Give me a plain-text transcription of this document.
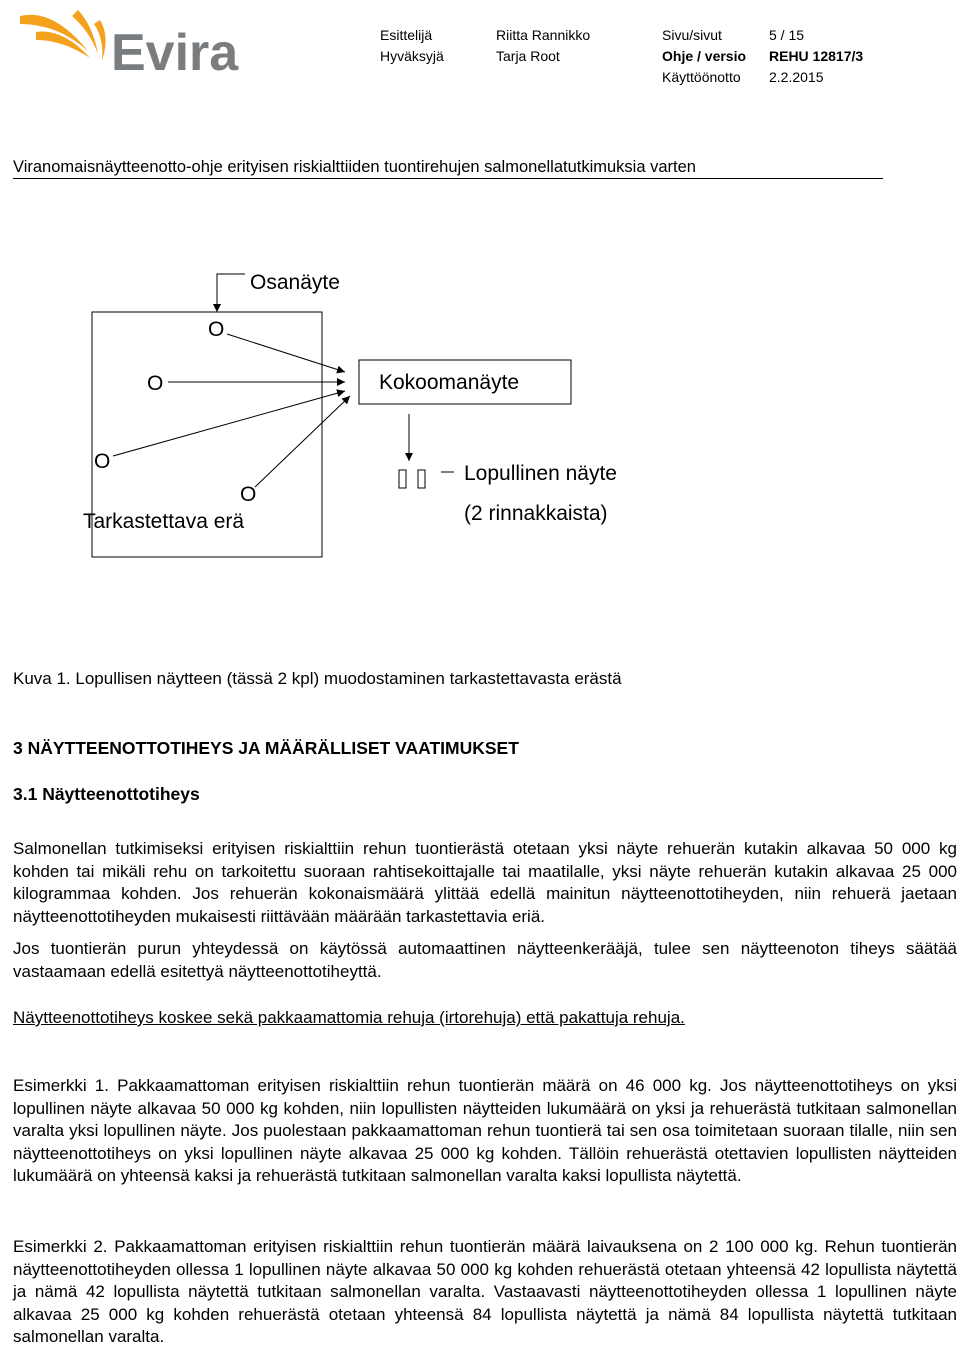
Evira	Esittelijä	Riitta Rannikko	Sivu/sivut	5 / 15
Hyväksyjä	Tarja Root	Ohje / versio REHU 12817/3
Käyttöönotto 2.2.2015
Viranomaisnäytteenotto-ohje erityisen riskialttiiden tuontirehujen salmonellatutkimuksia varten
Osanäyte
O
O	Kokoomanäyte
O
O
Lopullinen näyte
(2 rinnakkaista)
Tarkastettava erä
Kuva 1. Lopullisen näytteen (tässä 2 kpl) muodostaminen tarkastettavasta erästä
3 NÄYTTEENOTTOTIHEYS JA MÄÄRÄLLISET VAATIMUKSET
3.1 Näytteenottotiheys
Salmonellan tutkimiseksi erityisen riskialttiin rehun tuontierästä otetaan yksi näyte rehuerän kutakin alkavaa 50 000 kg kohden tai mikäli rehu on tarkoitettu suoraan rahtisekoittajalle tai maatilalle, yksi näyte rehuerän kutakin alkavaa 25 000 kilogrammaa kohden. Jos rehuerän kokonaismäärä ylittää edellä mainitun näytteenottotiheyden, niin rehuerä jaetaan näytteenottotiheyden mukaisesti riittävään määrään tarkastettavia eriä.
Jos tuontierän purun yhteydessä on käytössä automaattinen näytteenkerääjä, tulee sen näytteenoton tiheys säätää vastaamaan edellä esitettyä näytteenottotiheyttä.
Näytteenottotiheys koskee sekä pakkaamattomia rehuja (irtorehuja) että pakattuja rehuja.
Esimerkki 1. Pakkaamattoman erityisen riskialttiin rehun tuontierän määrä on 46 000 kg. Jos näytteenottotiheys on yksi lopullinen näyte alkavaa 50 000 kg kohden, niin lopullisten näytteiden lukumäärä on yksi ja rehuerästä tutkitaan salmonellan varalta yksi lopullinen näyte. Jos puolestaan pakkaamattoman rehun tuontierä tai sen osa toimitetaan suoraan tilalle, niin sen näytteenottotiheys on yksi lopullinen näyte alkavaa 25 000 kg kohden. Tällöin rehuerästä otettavien lopullisten näytteiden lukumäärä on yhteensä kaksi ja rehuerästä tutkitaan salmonellan varalta kaksi lopullista näytettä.
Esimerkki 2. Pakkaamattoman erityisen riskialttiin rehun tuontierän määrä laivauksena on 2 100 000 kg. Rehun tuontierän näytteenottotiheyden ollessa 1 lopullinen näyte alkavaa 50 000 kg kohden rehuerästä otetaan yhteensä 42 lopullista näytettä ja nämä 42 lopullista näytettä tutkitaan salmonellan varalta. Vastaavasti näytteenottotiheyden ollessa 1 lopullinen näyte alkavaa 25 000 kg kohden rehuerästä otetaan yhteensä 84 lopullista näytettä ja nämä 84 lopullista näytettä tutkitaan salmonellan varalta.
